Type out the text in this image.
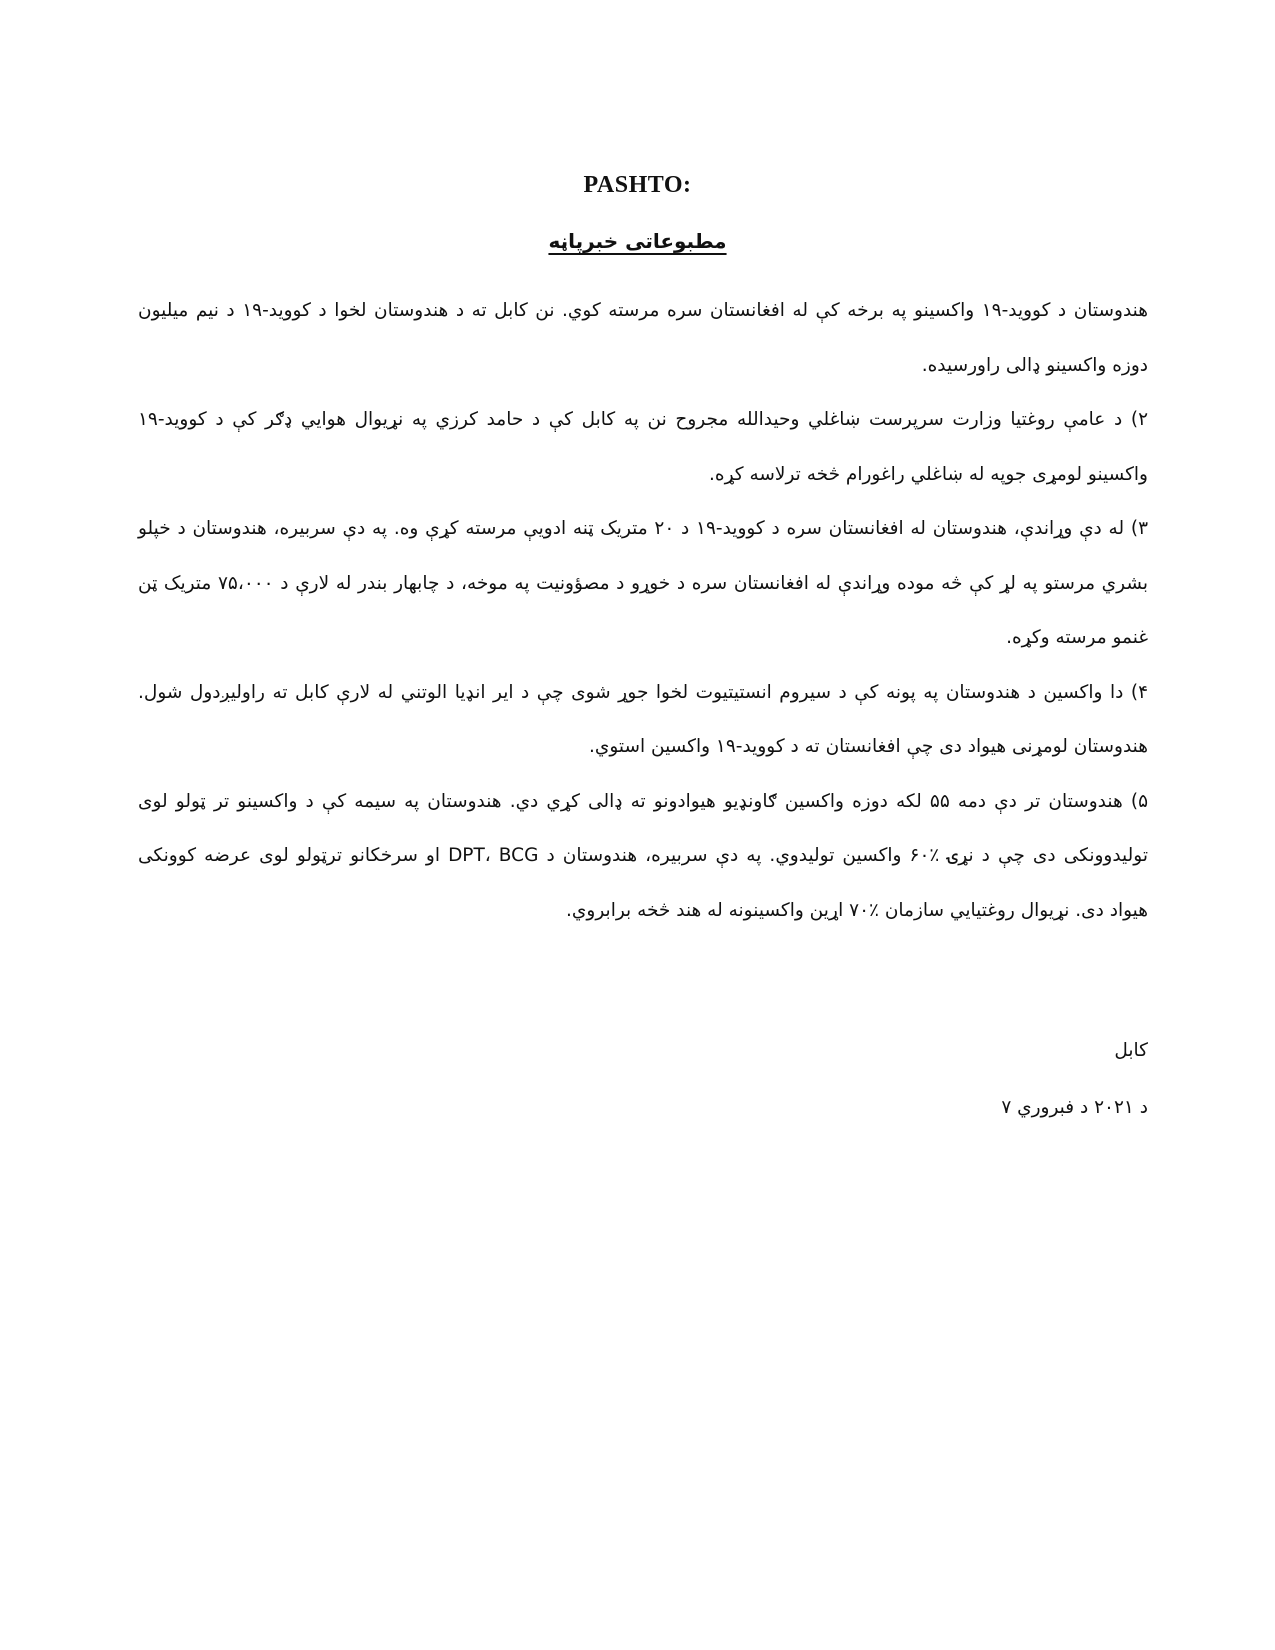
PASHTO:
مطبوعاتی خبرپاڼه

هندوستان د کووید-۱۹ واکسینو په برخه کې له افغانستان سره مرسته کوي. نن کابل ته د هندوستان لخوا د کووید-۱۹ د نیم میلیون دوزه واکسینو ډالی راورسیده.

۲) د عامې روغتیا وزارت سرپرست ښاغلي وحیدالله مجروح نن په کابل کې د حامد کرزي په نړیوال هوایي ډګر کې د کووید-۱۹ واکسینو لومړی جوپه له ښاغلي راغورام څخه ترلاسه کړه.

۳) له دې وړاندې، هندوستان له افغانستان سره د کووید-۱۹ د ۲۰ متریک ټنه ادویې مرسته کړې وه. په دې سربیره، هندوستان د خپلو بشري مرستو په لړ کې څه موده وړاندې له افغانستان سره د خوړو د مصؤونیت په موخه، د چابهار بندر له لارې د ۷۵،۰۰۰ متریک ټن غنمو مرسته وکړه.

۴) دا واکسین د هندوستان په پونه کې د سیروم انستیتیوت لخوا جوړ شوی چې د ایر انډیا الوتني له لارې کابل ته راولیږدول شول. هندوستان لومړنی هیواد دی چې افغانستان ته د کووید-۱۹ واکسین استوي.

۵) هندوستان تر دې دمه ۵۵ لکه دوزه واکسین ګاونډیو هیوادونو ته ډالی کړي دي. هندوستان په سیمه کې د واکسینو تر ټولو لوی تولیدوونکی دی چې د نړۍ ٪۶۰ واکسین تولیدوي. په دې سربیره، هندوستان د DPT، BCG او سرخکانو ترټولو لوی عرضه کوونکی هیواد دی. نړیوال روغتیایي سازمان ٪۷۰ اړین واکسینونه له هند څخه برابروي.

کابل

د ۲۰۲۱ د فبروري ۷
